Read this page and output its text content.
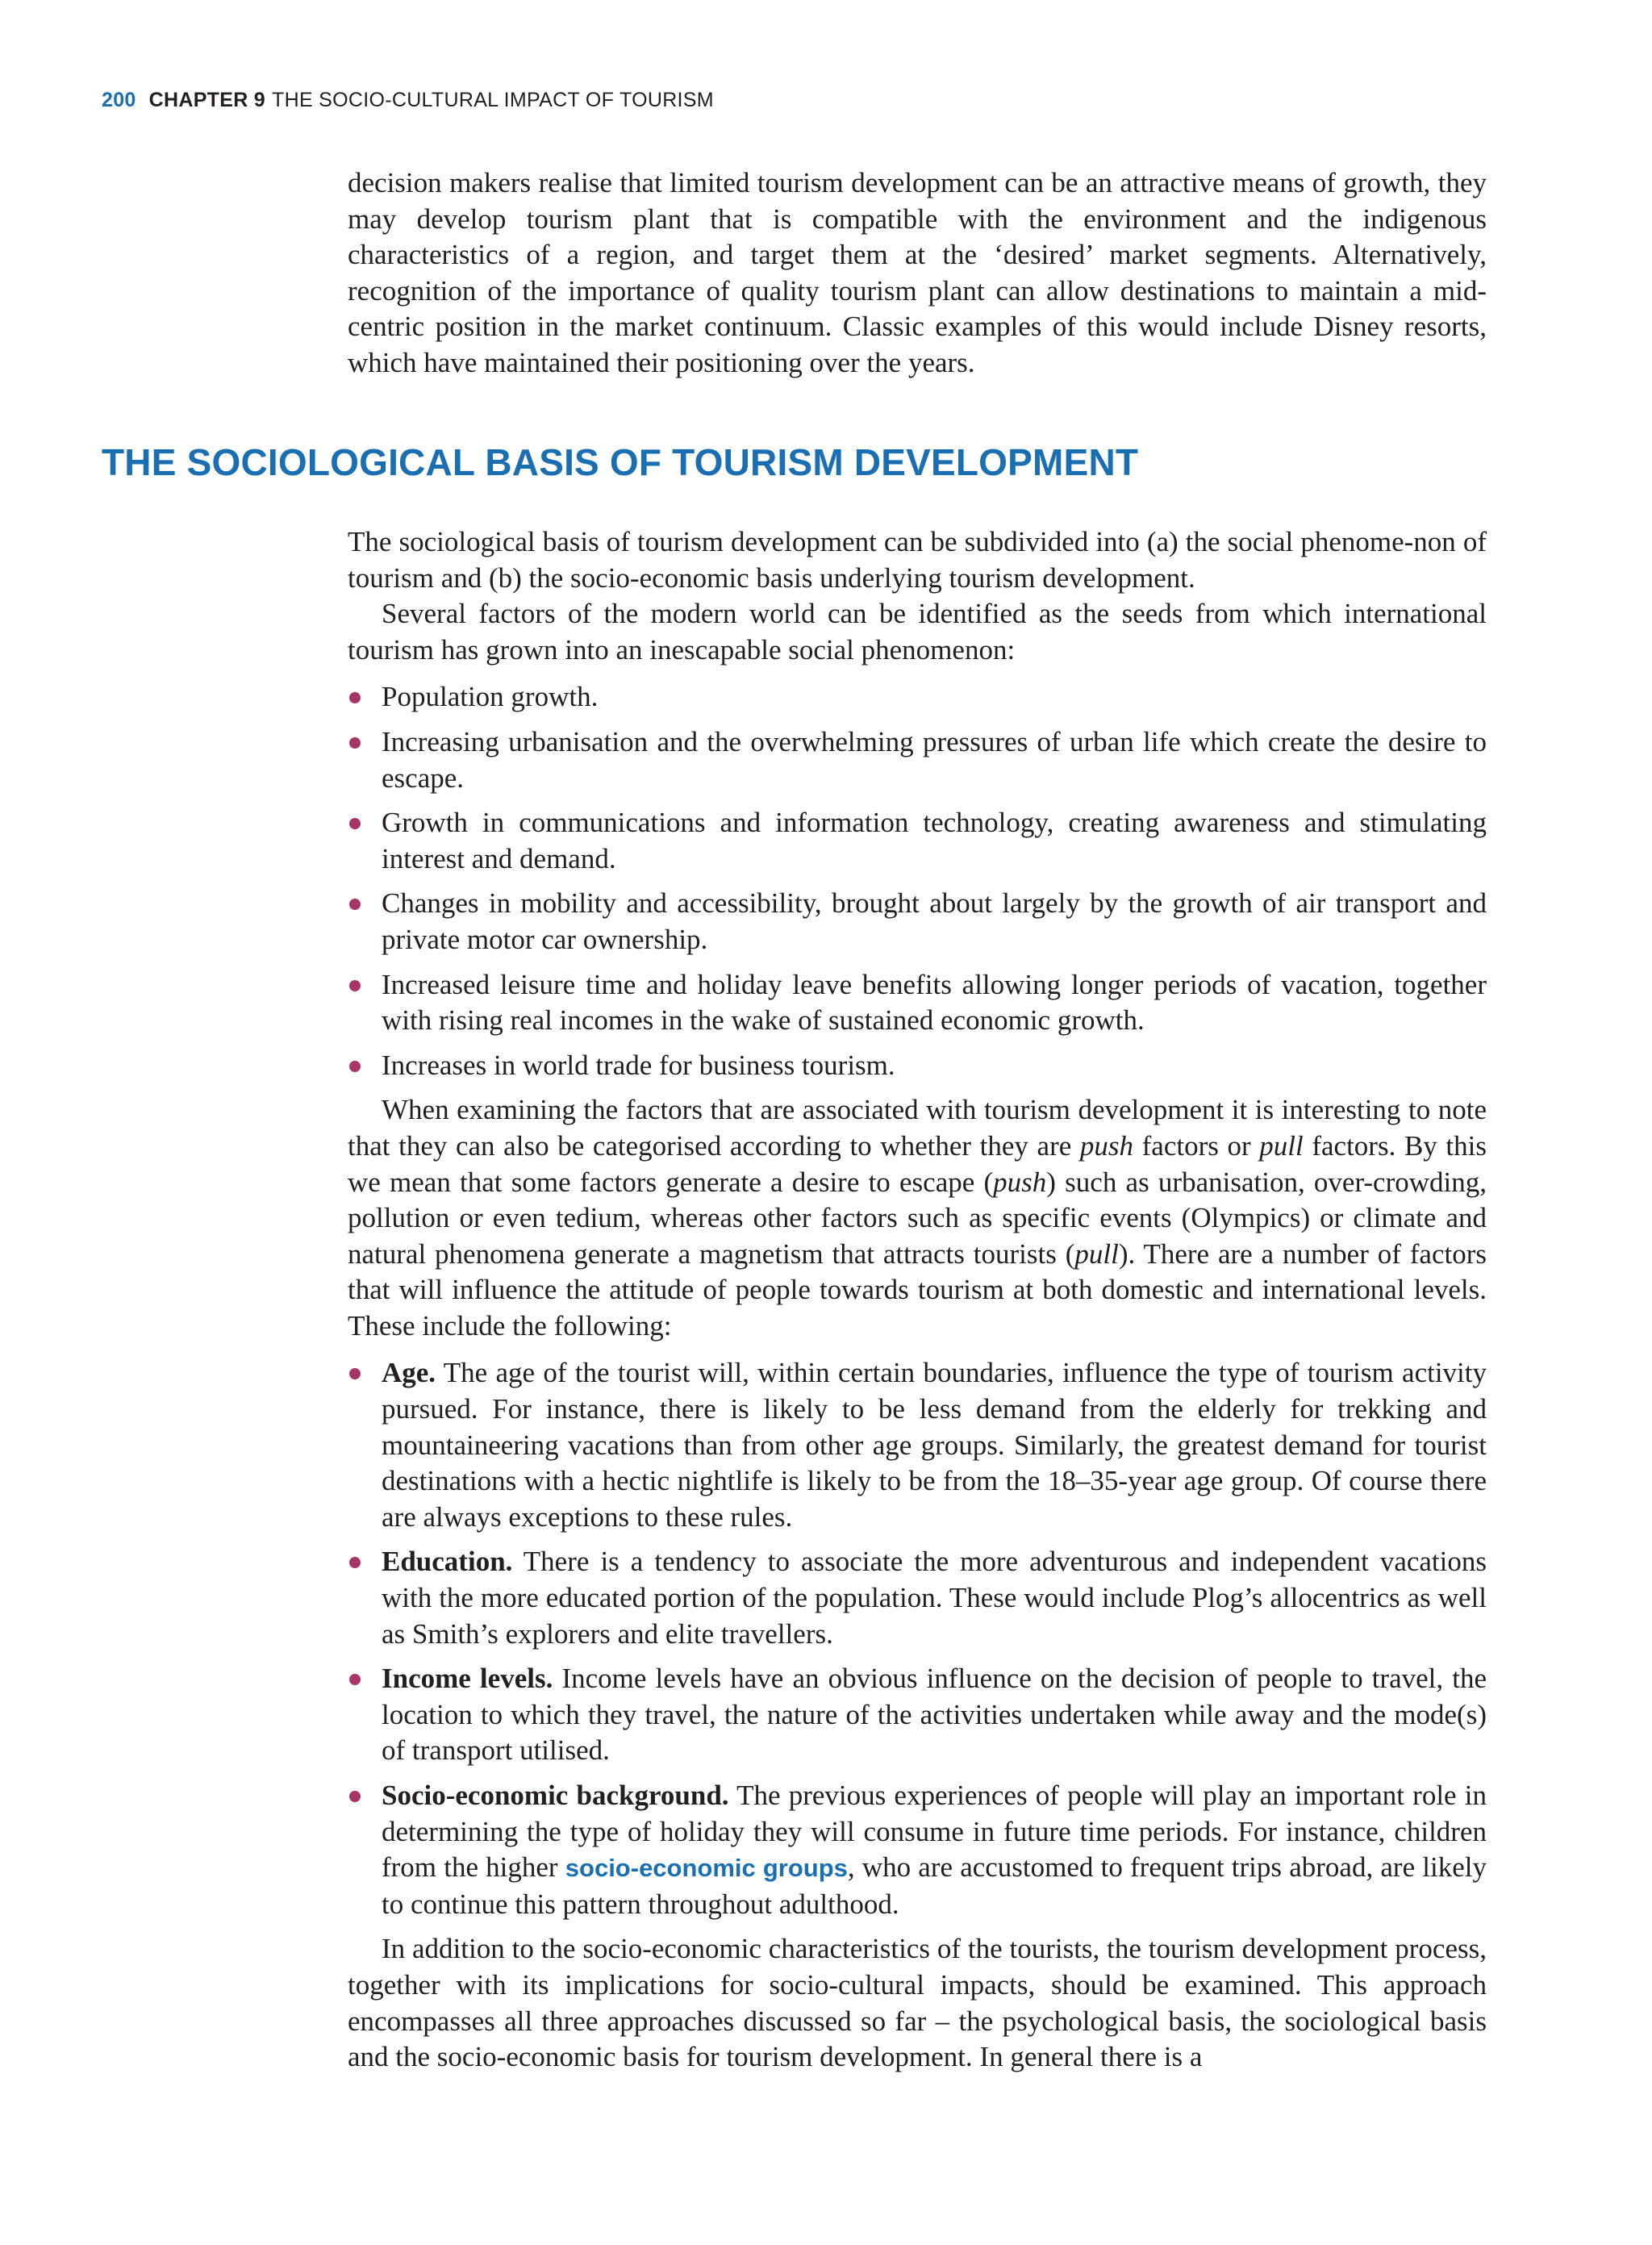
200 CHAPTER 9 THE SOCIO-CULTURAL IMPACT OF TOURISM

decision makers realise that limited tourism development can be an attractive means of growth, they may develop tourism plant that is compatible with the environment and the indigenous characteristics of a region, and target them at the ‘desired’ market segments. Alternatively, recognition of the importance of quality tourism plant can allow destinations to maintain a mid-centric position in the market continuum. Classic examples of this would include Disney resorts, which have maintained their positioning over the years.

THE SOCIOLOGICAL BASIS OF TOURISM DEVELOPMENT

The sociological basis of tourism development can be subdivided into (a) the social phenome-non of tourism and (b) the socio-economic basis underlying tourism development.

Several factors of the modern world can be identified as the seeds from which international tourism has grown into an inescapable social phenomenon:

Population growth.
Increasing urbanisation and the overwhelming pressures of urban life which create the desire to escape.
Growth in communications and information technology, creating awareness and stimulating interest and demand.
Changes in mobility and accessibility, brought about largely by the growth of air transport and private motor car ownership.
Increased leisure time and holiday leave benefits allowing longer periods of vacation, together with rising real incomes in the wake of sustained economic growth.
Increases in world trade for business tourism.

When examining the factors that are associated with tourism development it is interesting to note that they can also be categorised according to whether they are push factors or pull factors. By this we mean that some factors generate a desire to escape (push) such as urbanisation, over-crowding, pollution or even tedium, whereas other factors such as specific events (Olympics) or climate and natural phenomena generate a magnetism that attracts tourists (pull). There are a number of factors that will influence the attitude of people towards tourism at both domestic and international levels. These include the following:

Age. The age of the tourist will, within certain boundaries, influence the type of tourism activity pursued. For instance, there is likely to be less demand from the elderly for trekking and mountaineering vacations than from other age groups. Similarly, the greatest demand for tourist destinations with a hectic nightlife is likely to be from the 18–35-year age group. Of course there are always exceptions to these rules.
Education. There is a tendency to associate the more adventurous and independent vacations with the more educated portion of the population. These would include Plog’s allocentrics as well as Smith’s explorers and elite travellers.
Income levels. Income levels have an obvious influence on the decision of people to travel, the location to which they travel, the nature of the activities undertaken while away and the mode(s) of transport utilised.
Socio-economic background. The previous experiences of people will play an important role in determining the type of holiday they will consume in future time periods. For instance, children from the higher socio-economic groups, who are accustomed to frequent trips abroad, are likely to continue this pattern throughout adulthood.

In addition to the socio-economic characteristics of the tourists, the tourism development process, together with its implications for socio-cultural impacts, should be examined. This approach encompasses all three approaches discussed so far – the psychological basis, the sociological basis and the socio-economic basis for tourism development. In general there is a
